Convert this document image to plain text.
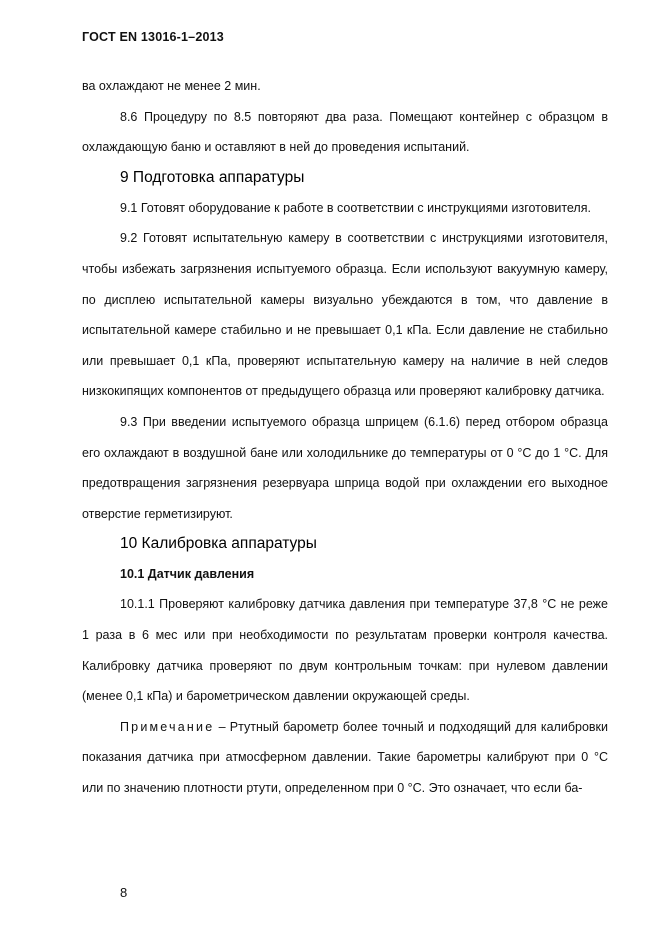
ГОСТ EN 13016-1–2013

ва охлаждают не менее 2 мин.

8.6 Процедуру по 8.5 повторяют два раза. Помещают контейнер с образцом в охлаждающую баню и оставляют в ней до проведения испытаний.

9 Подготовка аппаратуры

9.1 Готовят оборудование к работе в соответствии с инструкциями изготовителя.

9.2 Готовят испытательную камеру в соответствии с инструкциями изготовителя, чтобы избежать загрязнения испытуемого образца. Если используют вакуумную камеру, по дисплею испытательной камеры визуально убеждаются в том, что давление в испытательной камере стабильно и не превышает 0,1 кПа. Если давление не стабильно или превышает 0,1 кПа, проверяют испытательную камеру на наличие в ней следов низкокипящих компонентов от предыдущего образца или проверяют калибровку датчика.

9.3 При введении испытуемого образца шприцем (6.1.6) перед отбором образца его охлаждают в воздушной бане или холодильнике до температуры от 0 °С до 1 °С. Для предотвращения загрязнения резервуара шприца водой при охлаждении его выходное отверстие герметизируют.

10 Калибровка аппаратуры
10.1 Датчик давления

10.1.1 Проверяют калибровку датчика давления при температуре 37,8 °С не реже 1 раза в 6 мес или при необходимости по результатам проверки контроля качества. Калибровку датчика проверяют по двум контрольным точкам: при нулевом давлении (менее 0,1 кПа) и барометрическом давлении окружающей среды.

Примечание – Ртутный барометр более точный и подходящий для калибровки показания датчика при атмосферном давлении. Такие барометры калибруют при 0 °С или по значению плотности ртути, определенном при 0 °С. Это означает, что если ба-

8
